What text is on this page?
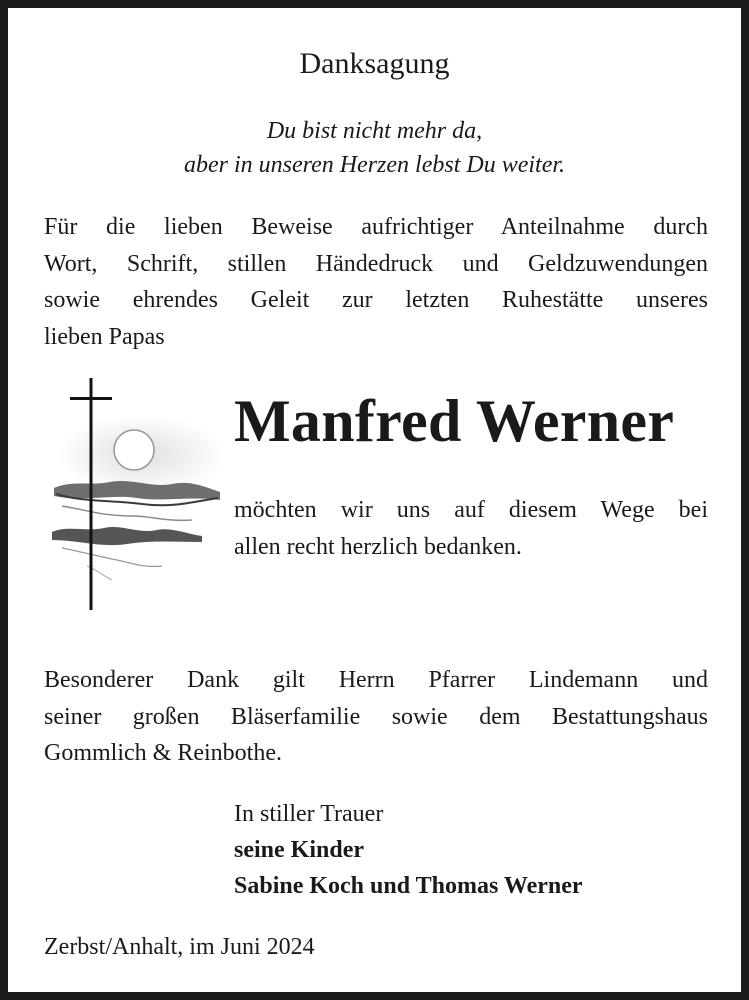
Danksagung
Du bist nicht mehr da,
aber in unseren Herzen lebst Du weiter.
Für die lieben Beweise aufrichtiger Anteilnahme durch
Wort, Schrift, stillen Händedruck und Geldzuwendungen
sowie ehrendes Geleit zur letzten Ruhestätte unseres
lieben Papas
Manfred Werner
möchten wir uns auf diesem Wege bei
allen recht herzlich bedanken.
Besonderer Dank gilt Herrn Pfarrer Lindemann und
seiner großen Bläserfamilie sowie dem Bestattungshaus
Gommlich & Reinbothe.
In stiller Trauer
seine Kinder
Sabine Koch und Thomas Werner
Zerbst/Anhalt, im Juni 2024
